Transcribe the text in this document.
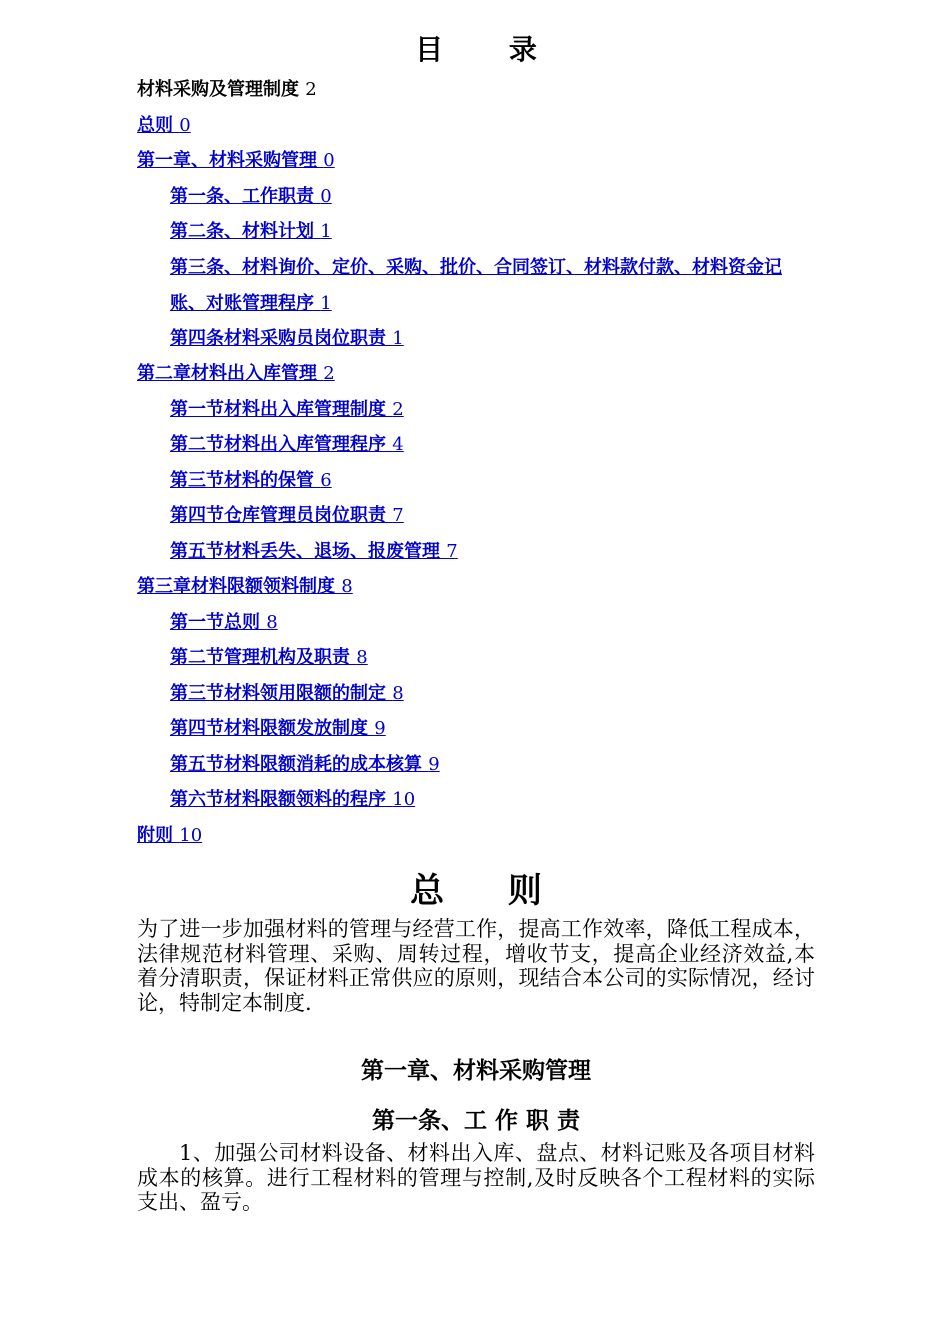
目 录
材料采购及管理制度 2
总则 0
第一章、材料采购管理 0
第一条、工作职责 0
第二条、材料计划 1
第三条、材料询价、定价、采购、批价、合同签订、材料款付款、材料资金记账、对账管理程序 1
第四条材料采购员岗位职责 1
第二章材料出入库管理 2
第一节材料出入库管理制度 2
第二节材料出入库管理程序 4
第三节材料的保管 6
第四节仓库管理员岗位职责 7
第五节材料丢失、退场、报废管理 7
第三章材料限额领料制度 8
第一节总则 8
第二节管理机构及职责 8
第三节材料领用限额的制定 8
第四节材料限额发放制度 9
第五节材料限额消耗的成本核算 9
第六节材料限额领料的程序 10
附则 10
总 则

为了进一步加强材料的管理与经营工作，提高工作效率，降低工程成本，法律规范材料管理、采购、周转过程，增收节支，提高企业经济效益,本着分清职责，保证材料正常供应的原则，现结合本公司的实际情况，经讨论，特制定本制度.

第一章、材料采购管理
第一条、工 作 职 责

1、加强公司材料设备、材料出入库、盘点、材料记账及各项目材料成本的核算。进行工程材料的管理与控制,及时反映各个工程材料的实际支出、盈亏。
